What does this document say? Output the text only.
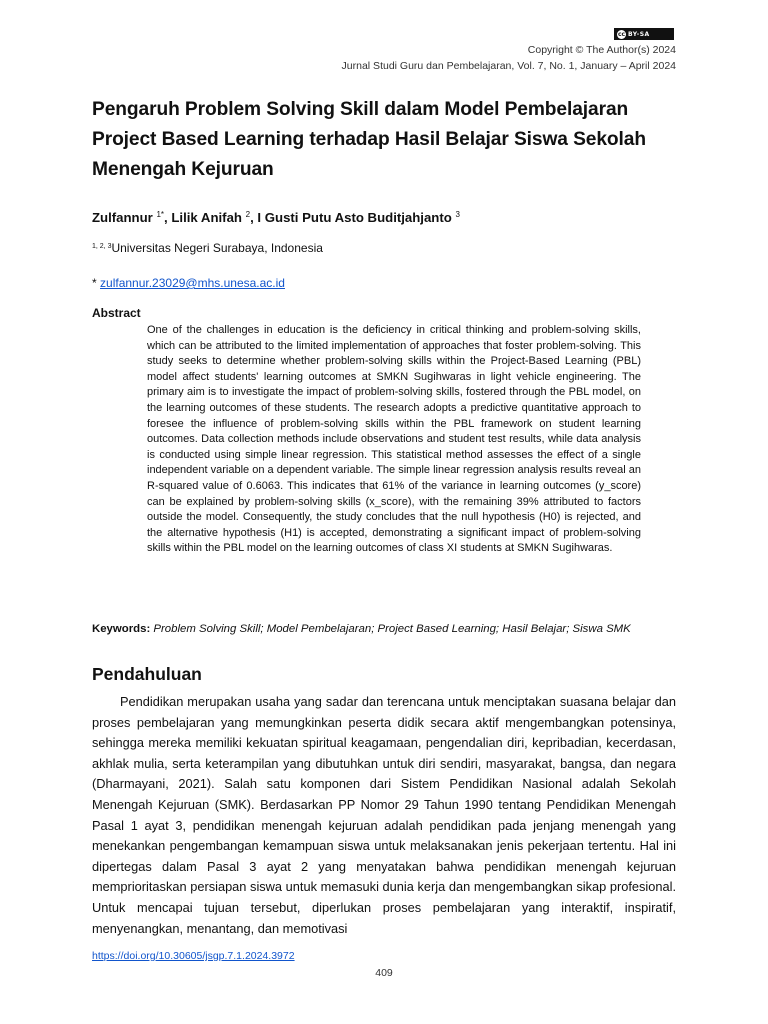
cc BY-SA
Copyright © The Author(s) 2024
Jurnal Studi Guru dan Pembelajaran, Vol. 7, No. 1, January – April 2024
Pengaruh Problem Solving Skill dalam Model Pembelajaran Project Based Learning terhadap Hasil Belajar Siswa Sekolah Menengah Kejuruan
Zulfannur $^{1*}$, Lilik Anifah $^2$, I Gusti Putu Asto Buditjahjanto $^3$
$^{1, 2, 3}$Universitas Negeri Surabaya, Indonesia
* zulfannur.23029@mhs.unesa.ac.id
Abstract
One of the challenges in education is the deficiency in critical thinking and problem-solving skills, which can be attributed to the limited implementation of approaches that foster problem-solving. This study seeks to determine whether problem-solving skills within the Project-Based Learning (PBL) model affect students' learning outcomes at SMKN Sugihwaras in light vehicle engineering. The primary aim is to investigate the impact of problem-solving skills, fostered through the PBL model, on the learning outcomes of these students. The research adopts a predictive quantitative approach to foresee the influence of problem-solving skills within the PBL framework on student learning outcomes. Data collection methods include observations and student test results, while data analysis is conducted using simple linear regression. This statistical method assesses the effect of a single independent variable on a dependent variable. The simple linear regression analysis results reveal an R-squared value of 0.6063. This indicates that 61% of the variance in learning outcomes (y_score) can be explained by problem-solving skills (x_score), with the remaining 39% attributed to factors outside the model. Consequently, the study concludes that the null hypothesis (H0) is rejected, and the alternative hypothesis (H1) is accepted, demonstrating a significant impact of problem-solving skills within the PBL model on the learning outcomes of class XI students at SMKN Sugihwaras.
Keywords: Problem Solving Skill; Model Pembelajaran; Project Based Learning; Hasil Belajar; Siswa SMK
Pendahuluan
Pendidikan merupakan usaha yang sadar dan terencana untuk menciptakan suasana belajar dan proses pembelajaran yang memungkinkan peserta didik secara aktif mengembangkan potensinya, sehingga mereka memiliki kekuatan spiritual keagamaan, pengendalian diri, kepribadian, kecerdasan, akhlak mulia, serta keterampilan yang dibutuhkan untuk diri sendiri, masyarakat, bangsa, dan negara (Dharmayani, 2021). Salah satu komponen dari Sistem Pendidikan Nasional adalah Sekolah Menengah Kejuruan (SMK). Berdasarkan PP Nomor 29 Tahun 1990 tentang Pendidikan Menengah Pasal 1 ayat 3, pendidikan menengah kejuruan adalah pendidikan pada jenjang menengah yang menekankan pengembangan kemampuan siswa untuk melaksanakan jenis pekerjaan tertentu. Hal ini dipertegas dalam Pasal 3 ayat 2 yang menyatakan bahwa pendidikan menengah kejuruan memprioritaskan persiapan siswa untuk memasuki dunia kerja dan mengembangkan sikap profesional. Untuk mencapai tujuan tersebut, diperlukan proses pembelajaran yang interaktif, inspiratif, menyenangkan, menantang, dan memotivasi
https://doi.org/10.30605/jsgp.7.1.2024.3972
409
